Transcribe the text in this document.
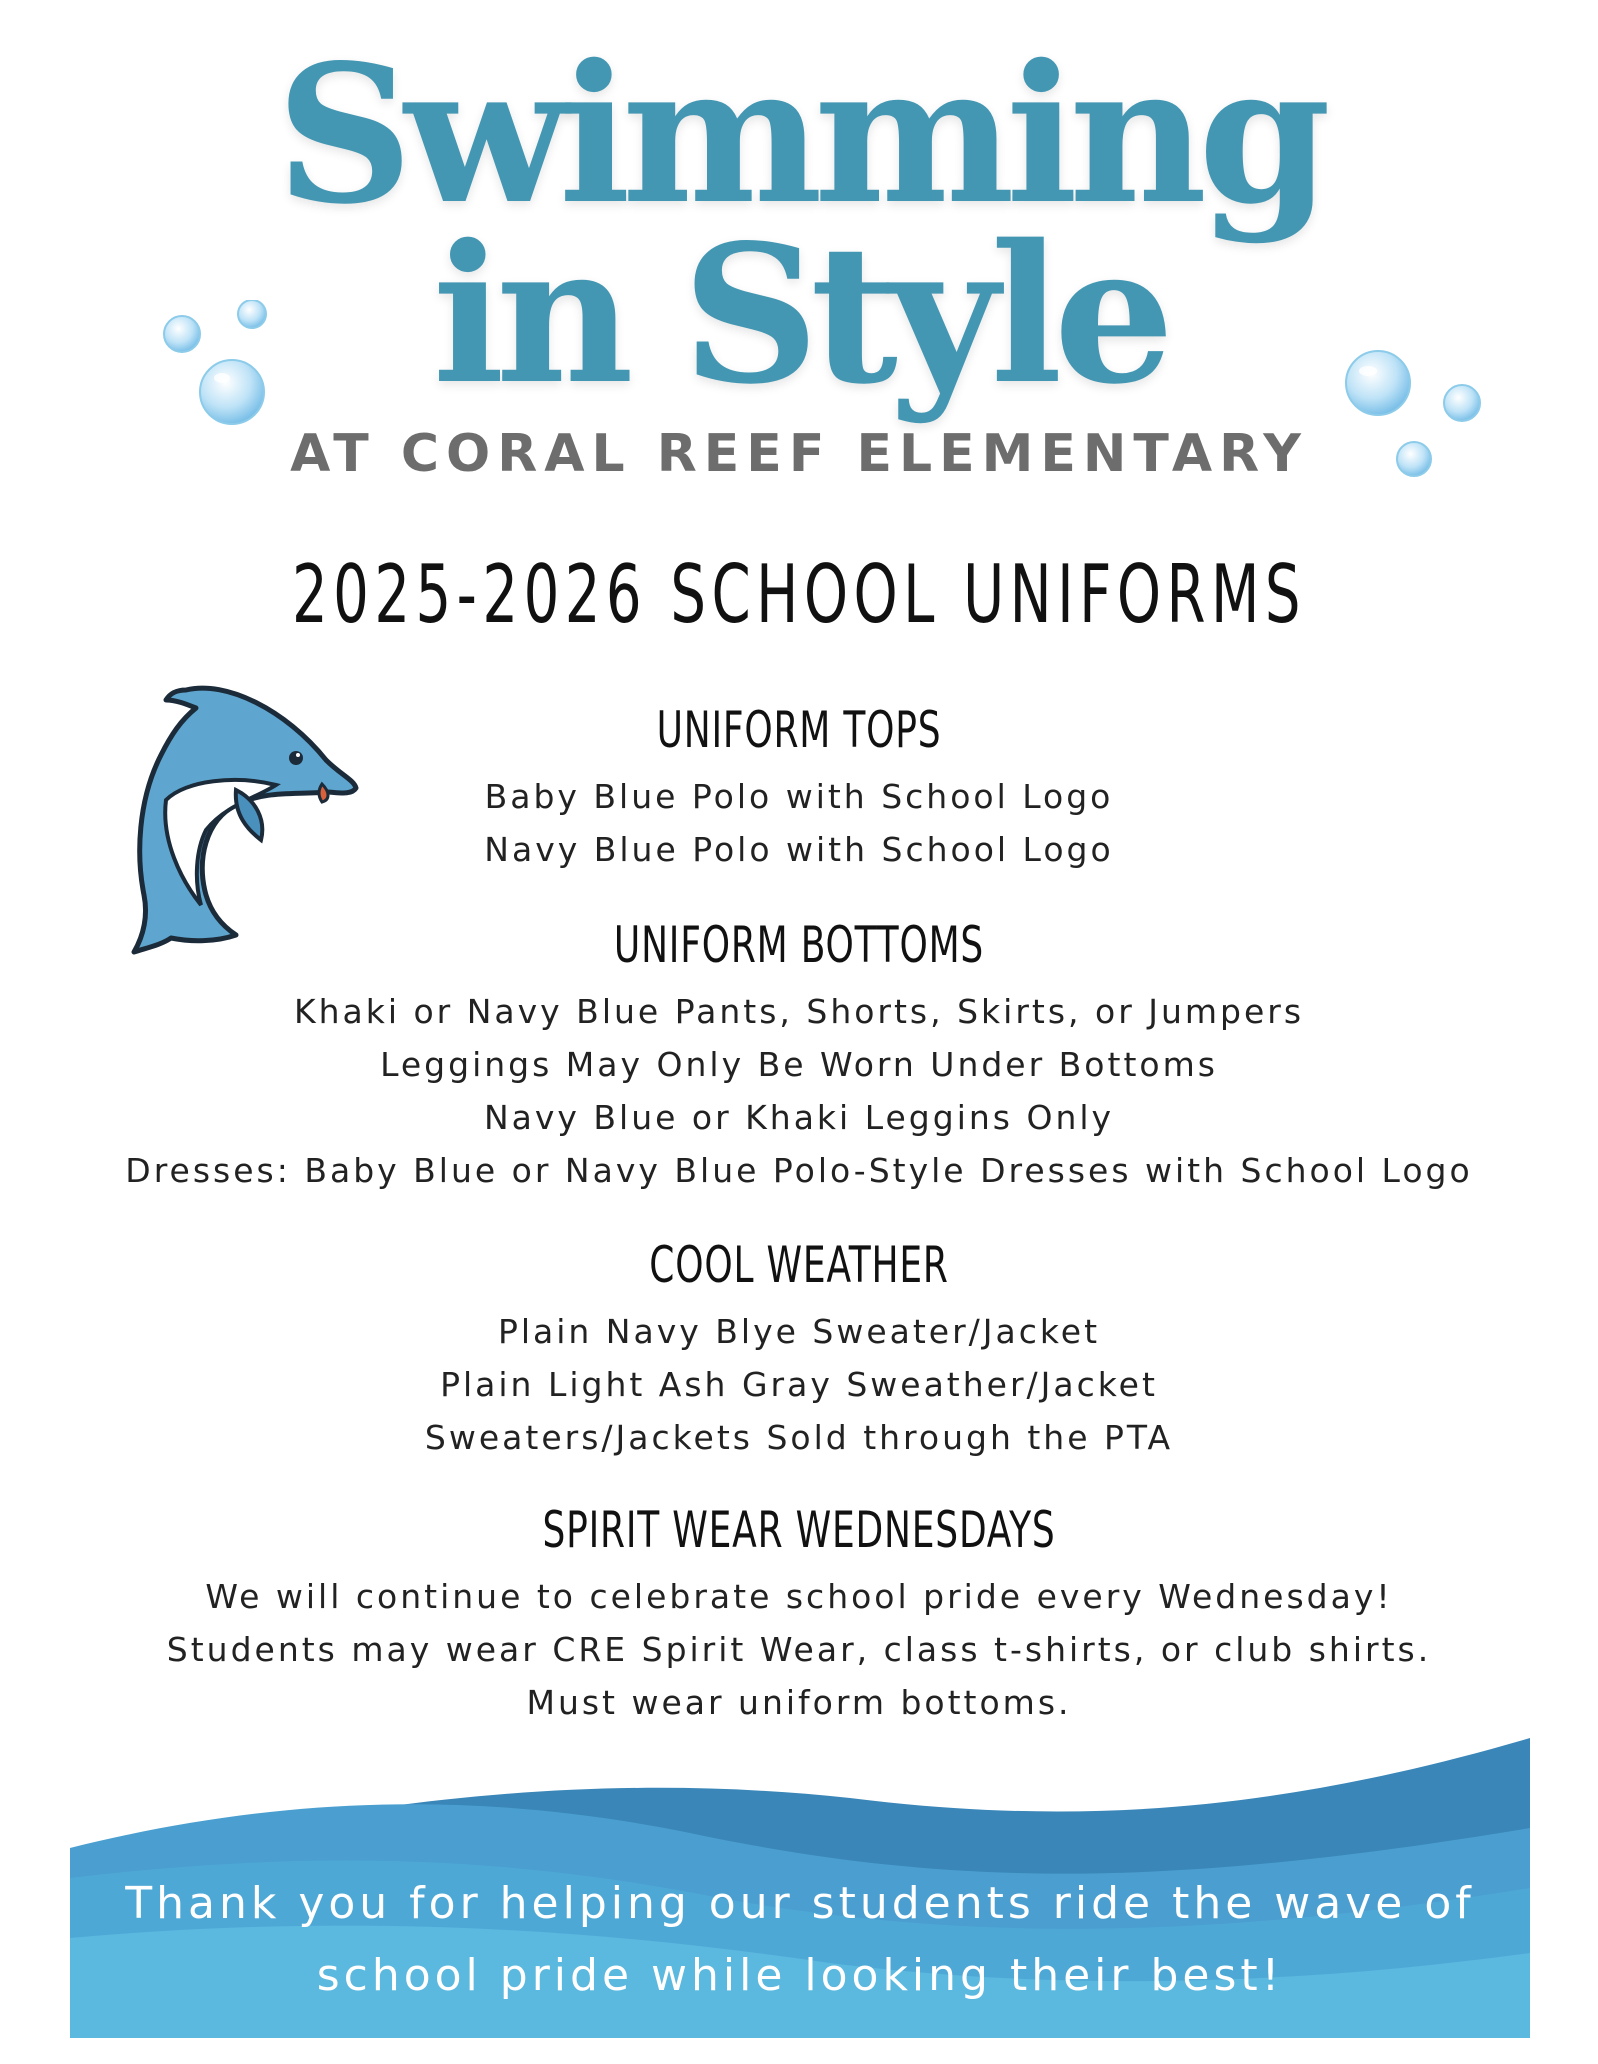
Swimming
in Style
AT CORAL REEF ELEMENTARY
2025-2026 SCHOOL UNIFORMS
UNIFORM TOPS
Baby Blue Polo with School Logo
Navy Blue Polo with School Logo
UNIFORM BOTTOMS
Khaki or Navy Blue Pants, Shorts, Skirts, or Jumpers
Leggings May Only Be Worn Under Bottoms
Navy Blue or Khaki Leggins Only
Dresses: Baby Blue or Navy Blue Polo-Style Dresses with School Logo
COOL WEATHER
Plain Navy Blye Sweater/Jacket
Plain Light Ash Gray Sweather/Jacket
Sweaters/Jackets Sold through the PTA
SPIRIT WEAR WEDNESDAYS
We will continue to celebrate school pride every Wednesday!
Students may wear CRE Spirit Wear, class t-shirts, or club shirts.
Must wear uniform bottoms.
Thank you for helping our students ride the wave of
school pride while looking their best!
